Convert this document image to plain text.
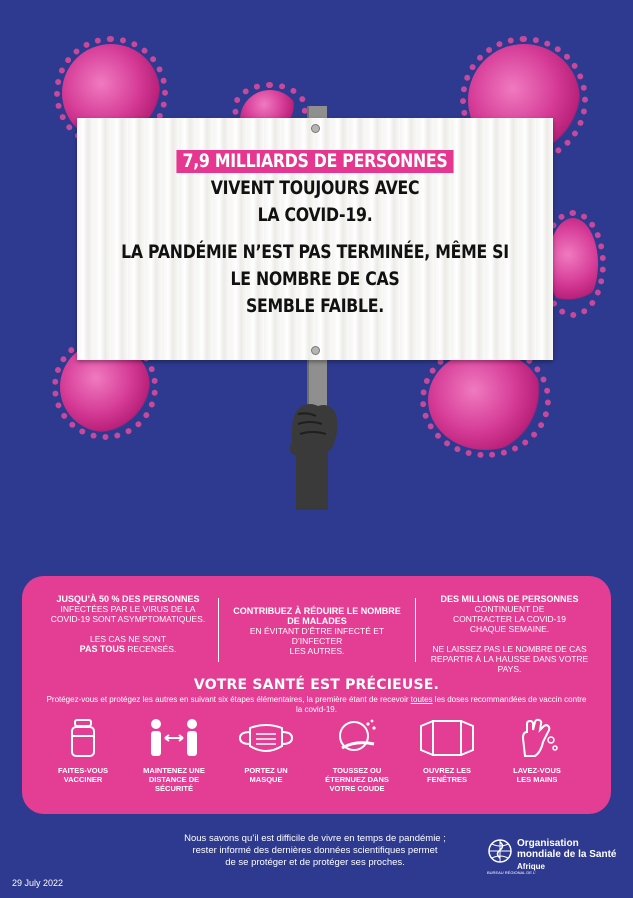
7,9 MILLIARDS DE PERSONNES
VIVENT TOUJOURS AVEC
LA COVID-19.
LA PANDÉMIE N’EST PAS TERMINÉE, MÊME SI
LE NOMBRE DE CAS
SEMBLE FAIBLE.
JUSQU’À 50 % DES PERSONNES
INFECTÉES PAR LE VIRUS DE LA
COVID-19 SONT ASYMPTOMATIQUES.

LES CAS NE SONT
PAS TOUS RECENSÉS.
CONTRIBUEZ À RÉDUIRE LE NOMBRE DE MALADES
EN ÉVITANT D’ÊTRE INFECTÉ ET D’INFECTER
LES AUTRES.
DES MILLIONS DE PERSONNES
CONTINUENT DE
CONTRACTER LA COVID-19
CHAQUE SEMAINE.

NE LAISSEZ PAS LE NOMBRE DE CAS
REPARTIR À LA HAUSSE DANS VOTRE
PAYS.
VOTRE SANTÉ EST PRÉCIEUSE.
Protégez-vous et protégez les autres en suivant six étapes élémentaires, la première étant de recevoir toutes les doses recommandées de vaccin contre la covid-19.
FAITES-VOUS
VACCINER
MAINTENEZ UNE
DISTANCE DE
SÉCURITÉ
PORTEZ UN
MASQUE
TOUSSEZ OU
ÉTERNUEZ DANS
VOTRE COUDE
OUVREZ LES
FENÊTRES
LAVEZ-VOUS
LES MAINS
Nous savons qu’il est difficile de vivre en temps de pandémie ;
rester informé des dernières données scientifiques permet
de se protéger et de protéger ses proches.
Organisation
mondiale de la Santé
BUREAU RÉGIONAL DE L’
Afrique
29 July 2022
